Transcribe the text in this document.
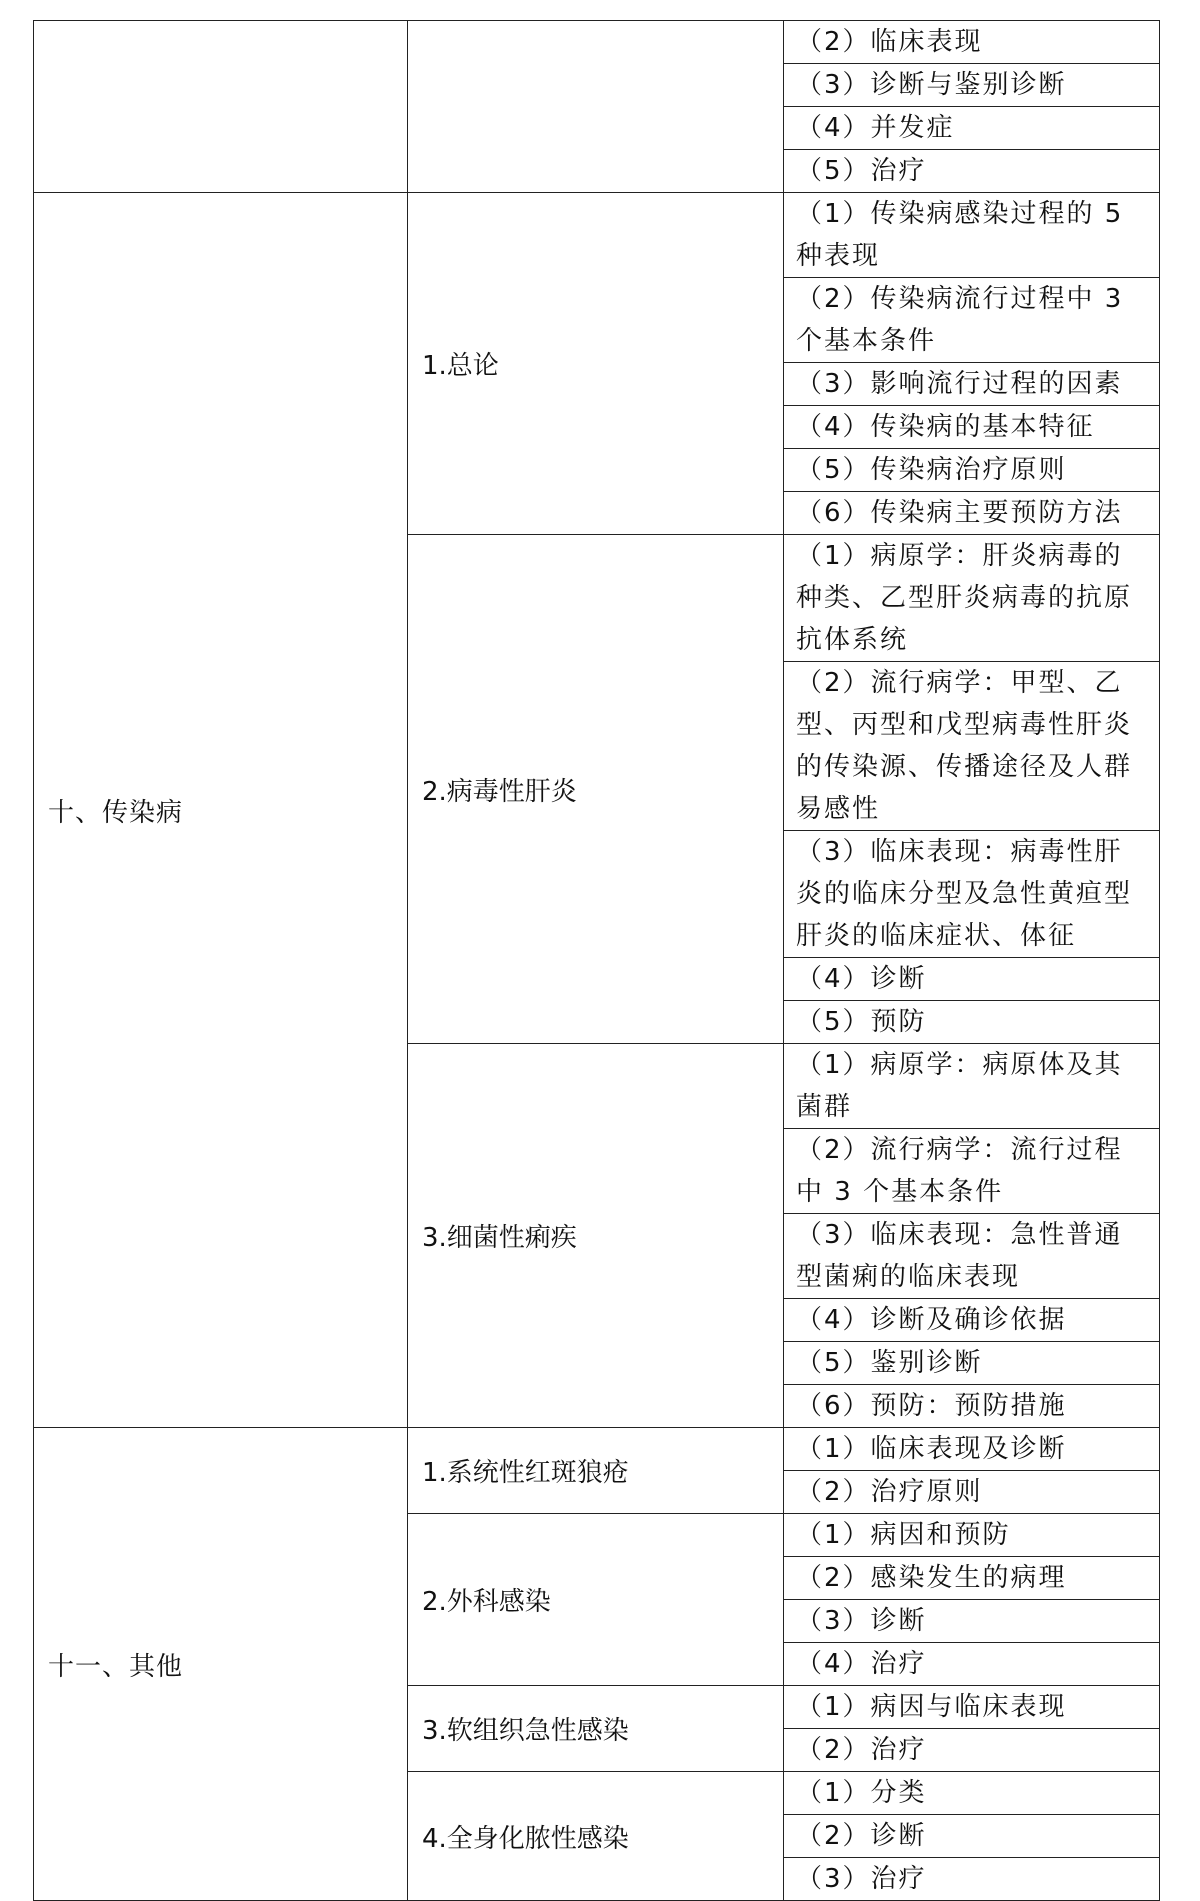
		（2）临床表现
		（3）诊断与鉴别诊断
		（4）并发症
		（5）治疗
十、传染病	1.总论	（1）传染病感染过程的 5 种表现
		（2）传染病流行过程中 3 个基本条件
		（3）影响流行过程的因素
		（4）传染病的基本特征
		（5）传染病治疗原则
		（6）传染病主要预防方法
	2.病毒性肝炎	（1）病原学：肝炎病毒的种类、乙型肝炎病毒的抗原抗体系统
		（2）流行病学：甲型、乙型、丙型和戊型病毒性肝炎的传染源、传播途径及人群易感性
		（3）临床表现：病毒性肝炎的临床分型及急性黄疸型肝炎的临床症状、体征
		（4）诊断
		（5）预防
	3.细菌性痢疾	（1）病原学：病原体及其菌群
		（2）流行病学：流行过程中 3 个基本条件
		（3）临床表现：急性普通型菌痢的临床表现
		（4）诊断及确诊依据
		（5）鉴别诊断
		（6）预防：预防措施
十一、其他	1.系统性红斑狼疮	（1）临床表现及诊断
		（2）治疗原则
	2.外科感染	（1）病因和预防
		（2）感染发生的病理
		（3）诊断
		（4）治疗
	3.软组织急性感染	（1）病因与临床表现
		（2）治疗
	4.全身化脓性感染	（1）分类
		（2）诊断
		（3）治疗
